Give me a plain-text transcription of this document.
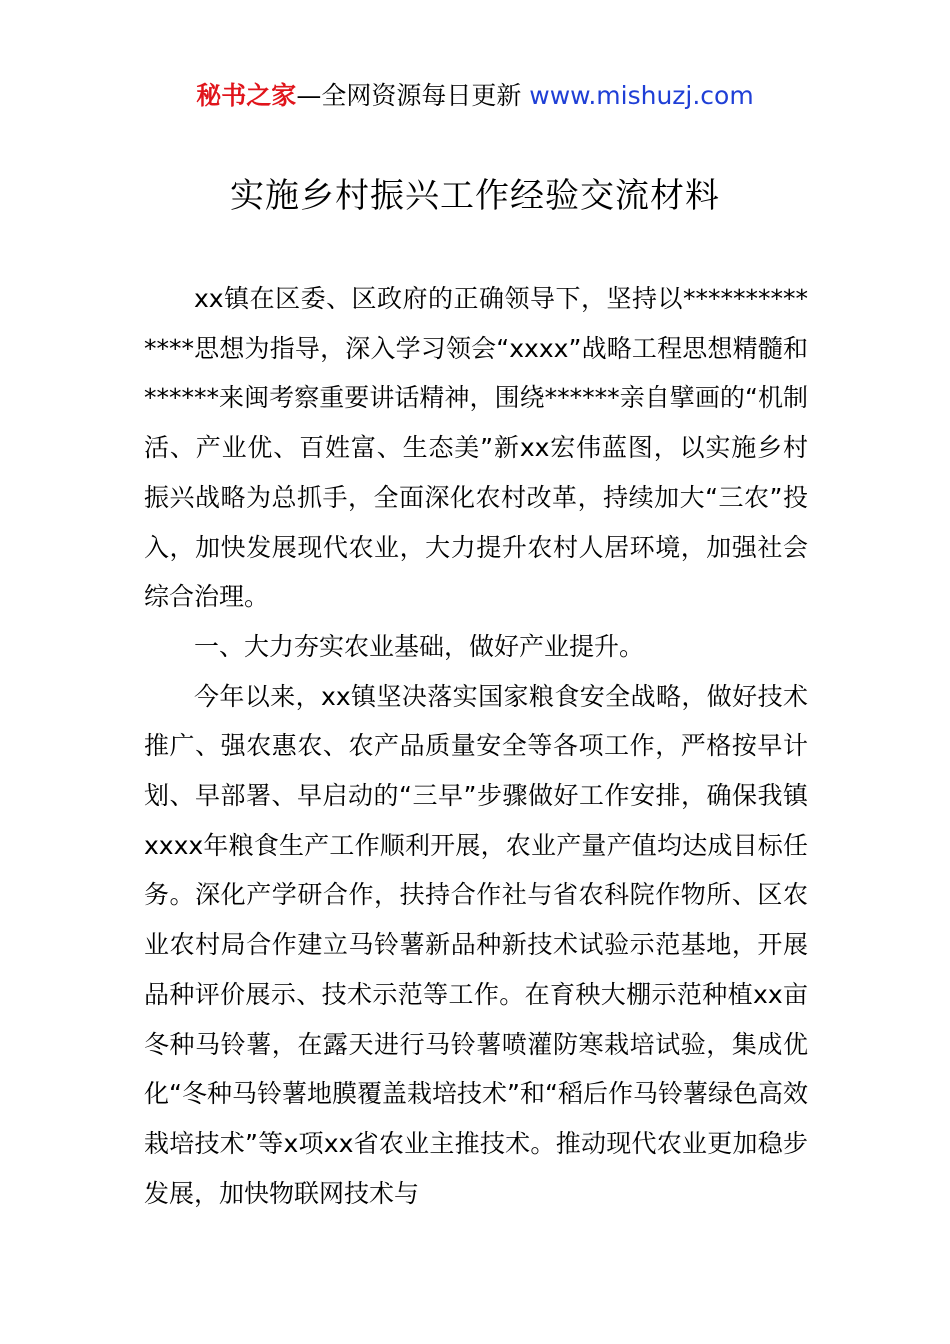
秘书之家—全网资源每日更新 www.mishuzj.com
实施乡村振兴工作经验交流材料

xx镇在区委、区政府的正确领导下，坚持以**************思想为指导，深入学习领会“xxxx”战略工程思想精髓和******来闽考察重要讲话精神，围绕******亲自擘画的“机制活、产业优、百姓富、生态美”新xx宏伟蓝图，以实施乡村振兴战略为总抓手，全面深化农村改革，持续加大“三农”投入，加快发展现代农业，大力提升农村人居环境，加强社会综合治理。

一、大力夯实农业基础，做好产业提升。

今年以来，xx镇坚决落实国家粮食安全战略，做好技术推广、强农惠农、农产品质量安全等各项工作，严格按早计划、早部署、早启动的“三早”步骤做好工作安排，确保我镇xxxx年粮食生产工作顺利开展，农业产量产值均达成目标任务。深化产学研合作，扶持合作社与省农科院作物所、区农业农村局合作建立马铃薯新品种新技术试验示范基地，开展品种评价展示、技术示范等工作。在育秧大棚示范种植xx亩冬种马铃薯，在露天进行马铃薯喷灌防寒栽培试验，集成优化“冬种马铃薯地膜覆盖栽培技术”和“稻后作马铃薯绿色高效栽培技术”等x项xx省农业主推技术。推动现代农业更加稳步发展，加快物联网技术与
